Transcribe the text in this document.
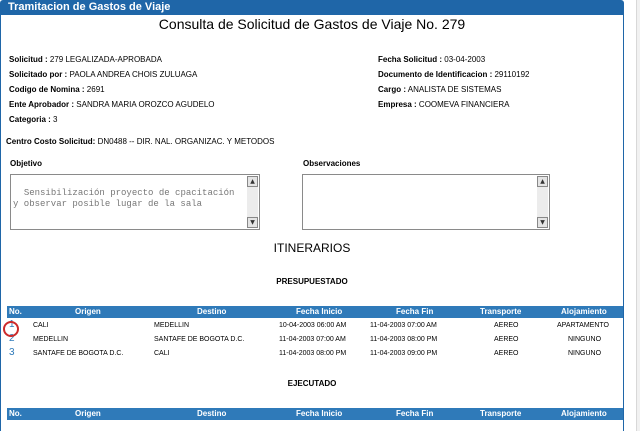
Tramitacion de Gastos de Viaje
Consulta de Solicitud de Gastos de Viaje No. 279
Solicitud : 279 LEGALIZADA-APROBADA
Solicitado por : PAOLA ANDREA CHOIS ZULUAGA
Codigo de Nomina : 2691
Ente Aprobador : SANDRA MARIA OROZCO AGUDELO
Categoria : 3
Fecha Solicitud : 03-04-2003
Documento de Identificacion : 29110192
Cargo : ANALISTA DE SISTEMAS
Empresa : COOMEVA FINANCIERA
Centro Costo Solicitud: DN0488 -- DIR. NAL. ORGANIZAC. Y METODOS
Objetivo

Sensibilización proyecto de cpacitación
y observar posible lugar de la sala

▲

▼

Observaciones
▲
▼
ITINERARIOS
PRESUPUESTADO
No.	Origen	Destino	Fecha Inicio	Fecha Fin	Transporte	Alojamiento
1	CALI	MEDELLIN	10-04-2003 06:00 AM	11-04-2003 07:00 AM	AEREO	APARTAMENTO
2	MEDELLIN	SANTAFE DE BOGOTA D.C.	11-04-2003 07:00 AM	11-04-2003 08:00 PM	AEREO	NINGUNO
3	SANTAFE DE BOGOTA D.C.	CALI	11-04-2003 08:00 PM	11-04-2003 09:00 PM	AEREO	NINGUNO
EJECUTADO
No.	Origen	Destino	Fecha Inicio	Fecha Fin	Transporte	Alojamiento
